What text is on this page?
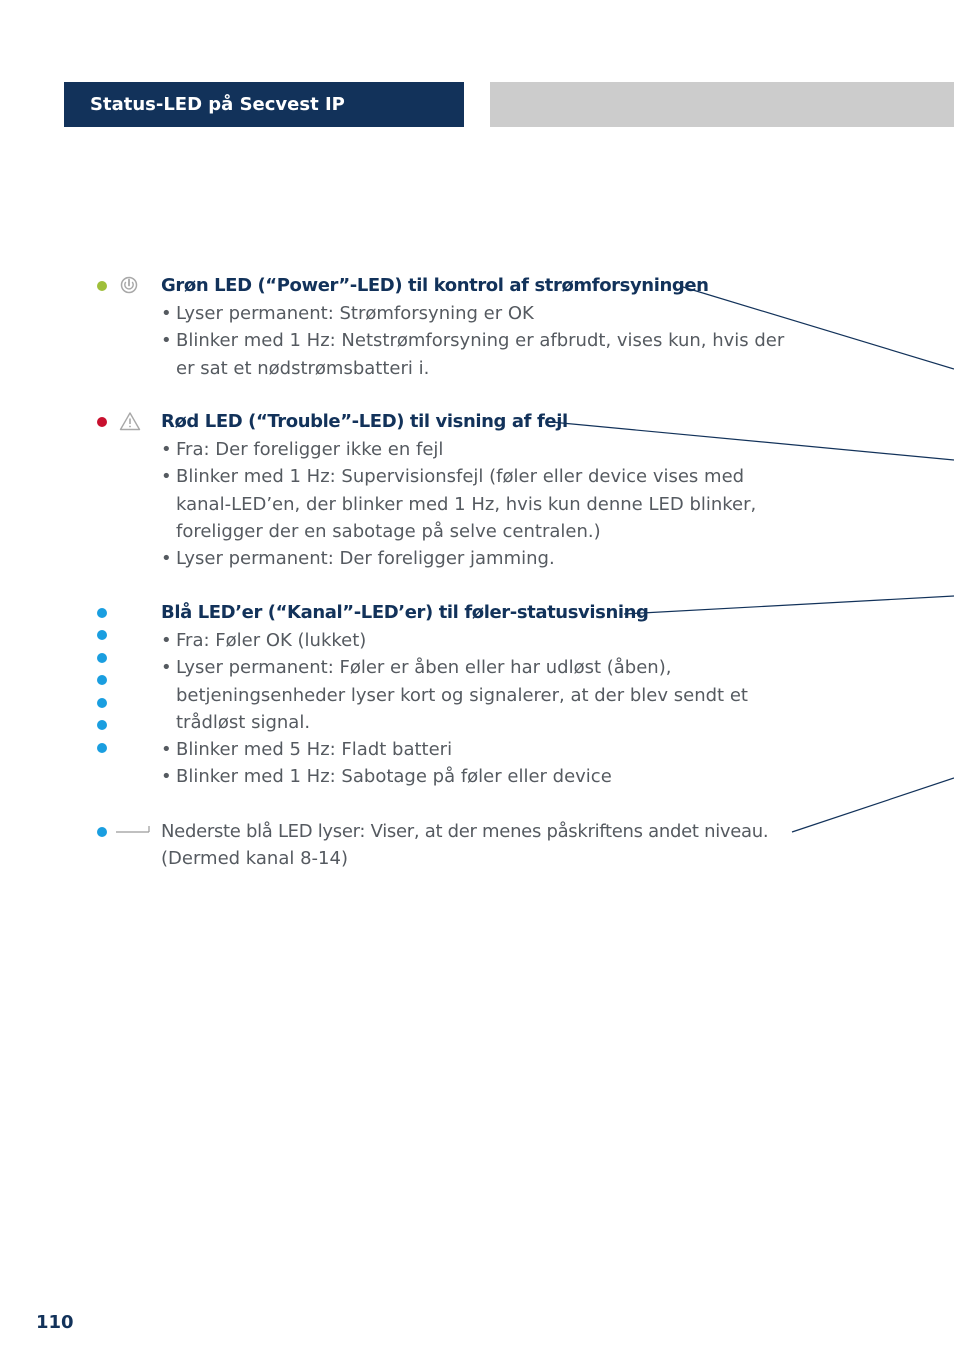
Status-LED på Secvest IP
Grøn LED (“Power”-LED) til kontrol af strømforsyningen
• Lyser permanent: Strømforsyning er OK
• Blinker med 1 Hz: Netstrømforsyning er afbrudt, vises kun, hvis der er sat et nødstrømsbatteri i.
Rød LED (“Trouble”-LED) til visning af fejl
• Fra: Der foreligger ikke en fejl
• Blinker med 1 Hz: Supervisionsfejl (føler eller device vises med kanal-LED’en, der blinker med 1 Hz, hvis kun denne LED blinker, foreligger der en sabotage på selve centralen.)
• Lyser permanent: Der foreligger jamming.
Blå LED’er (“Kanal”-LED’er) til føler-statusvisning
• Fra: Føler OK (lukket)
• Lyser permanent: Føler er åben eller har udløst (åben), betjeningsenheder lyser kort og signalerer, at der blev sendt et trådløst signal.
• Blinker med 5 Hz: Fladt batteri
• Blinker med 1 Hz: Sabotage på føler eller device
Nederste blå LED lyser: Viser, at der menes påskriftens andet niveau.
(Dermed kanal 8-14)
110
